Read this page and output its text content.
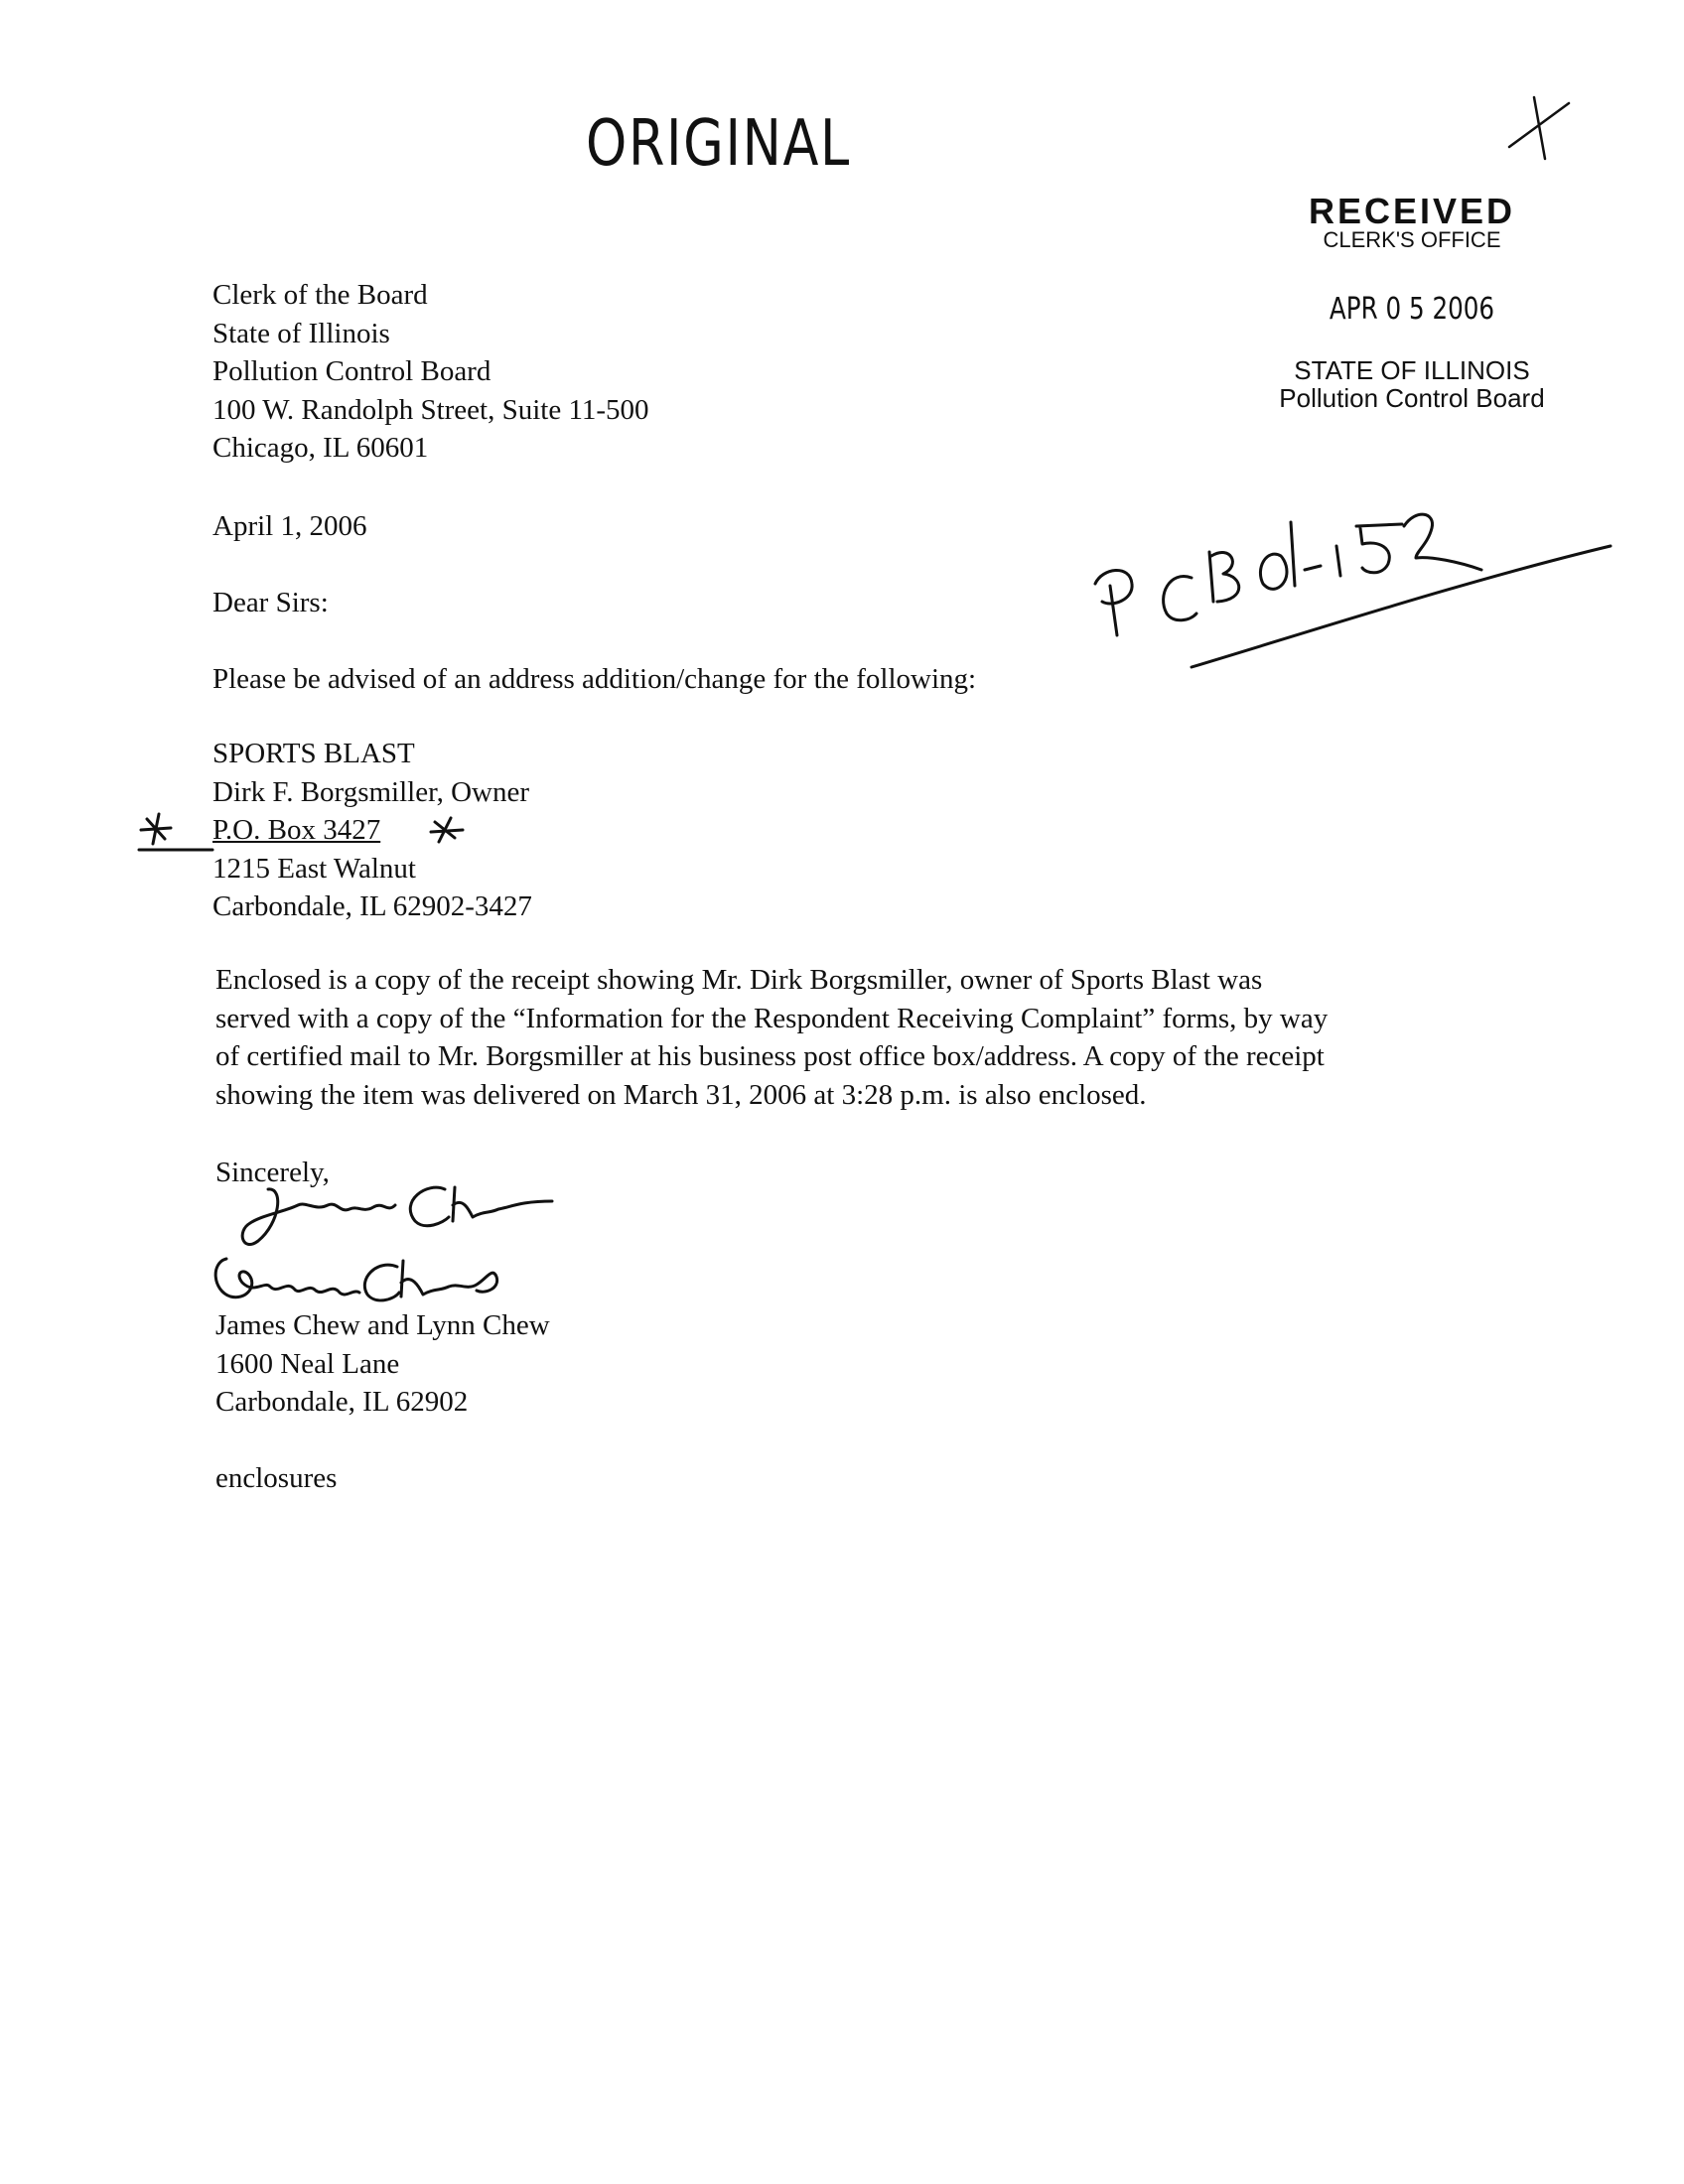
ORIGINAL
RECEIVED
CLERK'S OFFICE
APR 0 5 2006
STATE OF ILLINOIS
Pollution Control Board
Clerk of the Board
State of Illinois
Pollution Control Board
100 W. Randolph Street, Suite 11-500
Chicago, IL 60601
April 1, 2006
Dear Sirs:
Please be advised of an address addition/change for the following:
SPORTS BLAST
Dirk F. Borgsmiller, Owner
P.O. Box 3427
1215 East Walnut
Carbondale, IL 62902-3427
Enclosed is a copy of the receipt showing Mr. Dirk Borgsmiller, owner of Sports Blast was
served with a copy of the “Information for the Respondent Receiving Complaint” forms, by way
of certified mail to Mr. Borgsmiller at his business post office box/address. A copy of the receipt
showing the item was delivered on March 31, 2006 at 3:28 p.m. is also enclosed.
Sincerely,
James Chew and Lynn Chew
1600 Neal Lane
Carbondale, IL 62902
enclosures
